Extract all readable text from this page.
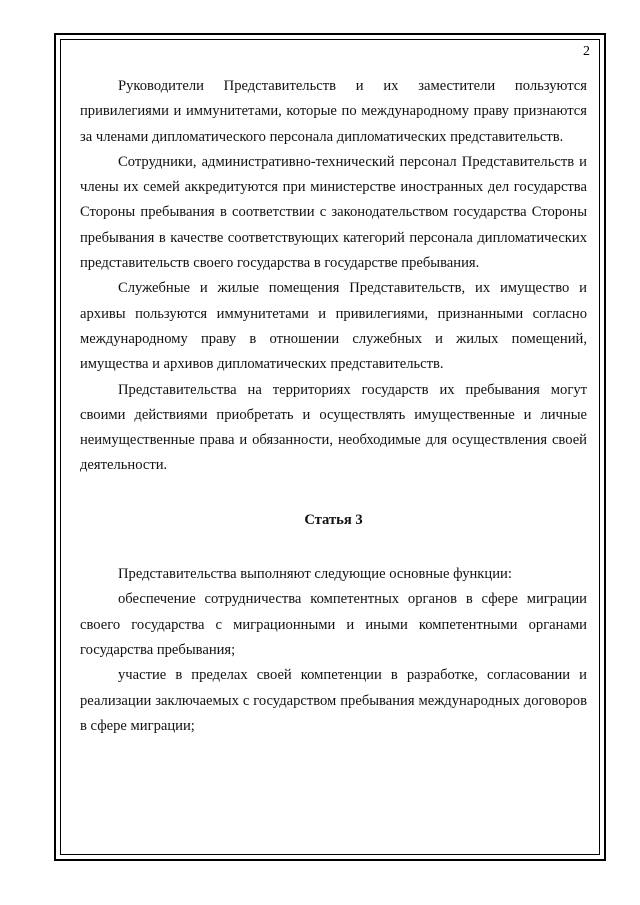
2

Руководители Представительств и их заместители пользуются привилегиями и иммунитетами, которые по международному праву признаются за членами дипломатического персонала дипломатических представительств.

Сотрудники, административно-технический персонал Представительств и члены их семей аккредитуются при министерстве иностранных дел государства Стороны пребывания в соответствии с законодательством государства Стороны пребывания в качестве соответствующих категорий персонала дипломатических представительств своего государства в государстве пребывания.

Служебные и жилые помещения Представительств, их имущество и архивы пользуются иммунитетами и привилегиями, признанными согласно международному праву в отношении служебных и жилых помещений, имущества и архивов дипломатических представительств.

Представительства на территориях государств их пребывания могут своими действиями приобретать и осуществлять имущественные и личные неимущественные права и обязанности, необходимые для осуществления своей деятельности.

Статья 3

Представительства выполняют следующие основные функции:

обеспечение сотрудничества компетентных органов в сфере миграции своего государства с миграционными и иными компетентными органами государства пребывания;

участие в пределах своей компетенции в разработке, согласовании и реализации заключаемых с государством пребывания международных договоров в сфере миграции;
